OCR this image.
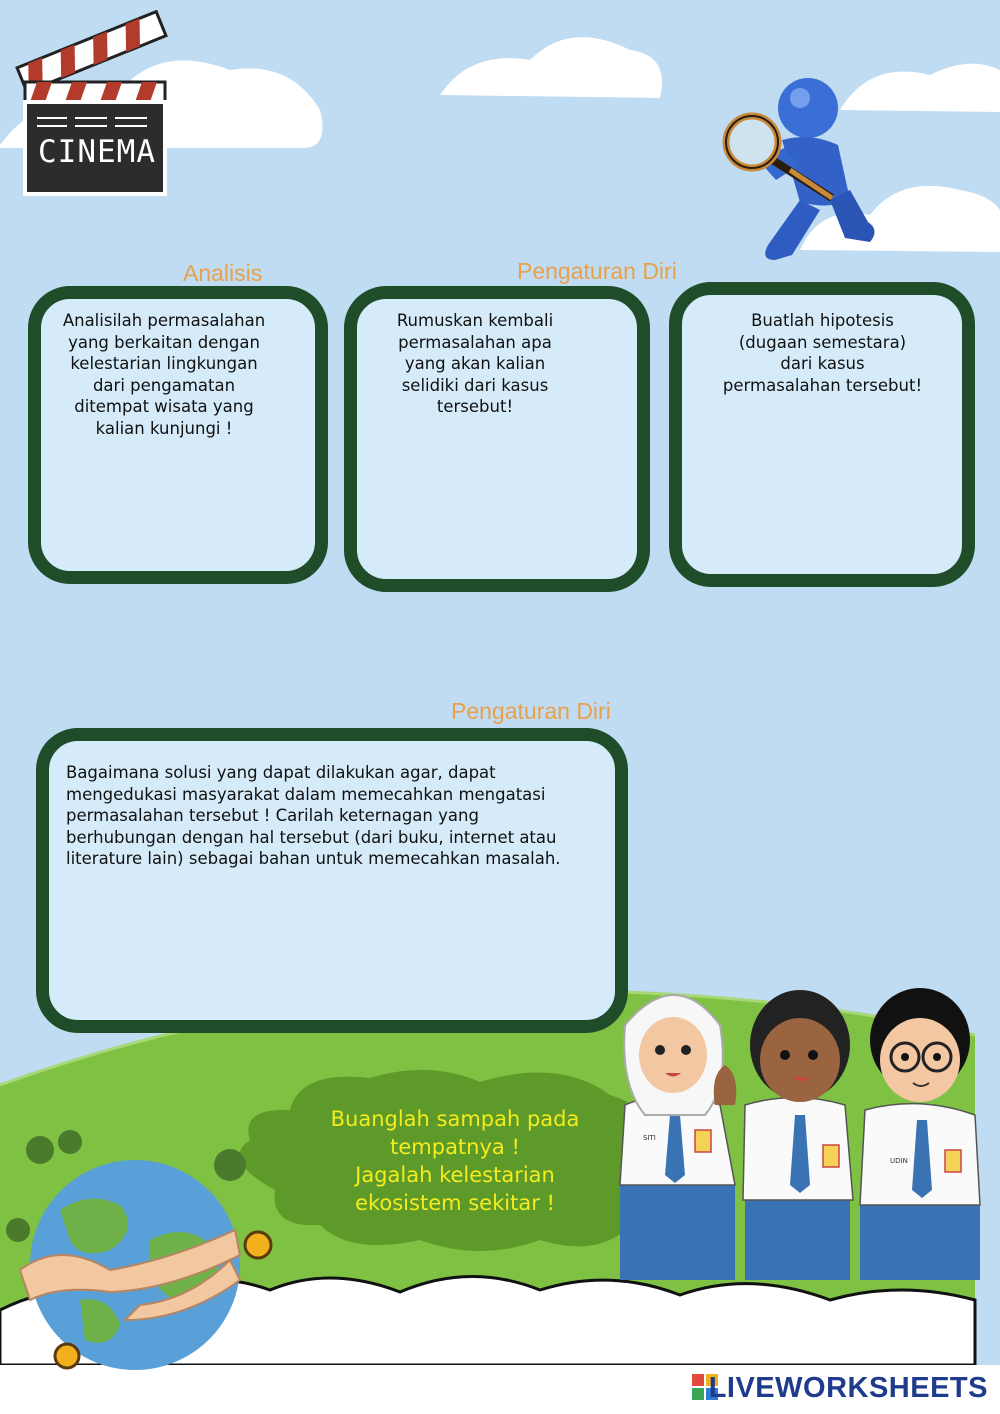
CINEMA
Analisis	Pengaturan Diri
Pengaturan Diri
Analisilah permasalahan
yang berkaitan dengan
kelestarian lingkungan
dari pengamatan
ditempat wisata yang
kalian kunjungi !
Rumuskan kembali
permasalahan apa
yang akan kalian
selidiki dari kasus
tersebut!
Buatlah hipotesis
(dugaan semestara)
dari kasus
permasalahan tersebut!
Bagaimana solusi yang dapat dilakukan agar, dapat
mengedukasi masyarakat dalam memecahkan mengatasi
permasalahan tersebut ! Carilah keternagan yang
berhubungan dengan hal tersebut (dari buku, internet atau
literature lain) sebagai bahan untuk memecahkan masalah.
SITI
UDIN
Buanglah sampah pada
tempatnya !
Jagalah kelestarian
ekosistem sekitar !
LIVEWORKSHEETS
